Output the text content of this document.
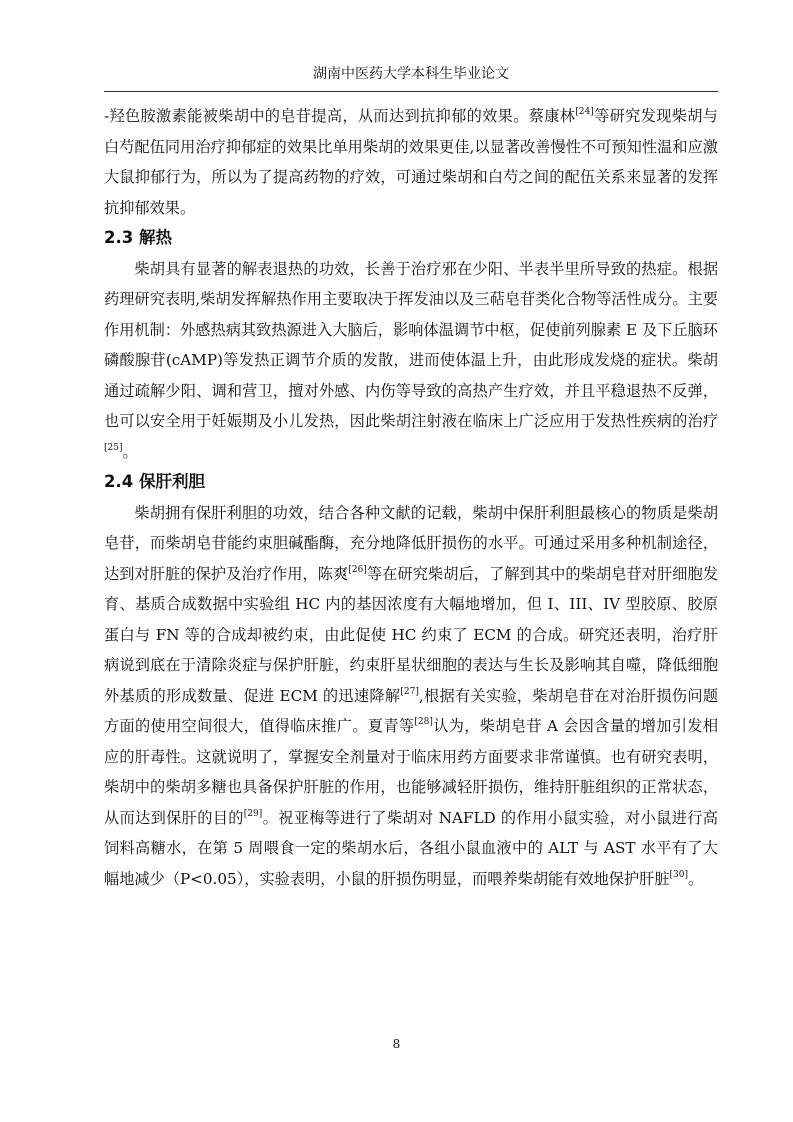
湖南中医药大学本科生毕业论文

-羟色胺激素能被柴胡中的皂苷提高，从而达到抗抑郁的效果。蔡康林[24]等研究发现柴胡与白芍配伍同用治疗抑郁症的效果比单用柴胡的效果更佳,以显著改善慢性不可预知性温和应激大鼠抑郁行为，所以为了提高药物的疗效，可通过柴胡和白芍之间的配伍关系来显著的发挥抗抑郁效果。

2.3 解热

柴胡具有显著的解表退热的功效，长善于治疗邪在少阳、半表半里所导致的热症。根据药理研究表明,柴胡发挥解热作用主要取决于挥发油以及三萜皂苷类化合物等活性成分。主要作用机制：外感热病其致热源进入大脑后，影响体温调节中枢，促使前列腺素 E 及下丘脑环磷酸腺苷(cAMP)等发热正调节介质的发散，进而使体温上升，由此形成发烧的症状。柴胡通过疏解少阳、调和营卫，擅对外感、内伤等导致的高热产生疗效，并且平稳退热不反弹，也可以安全用于妊娠期及小儿发热，因此柴胡注射液在临床上广泛应用于发热性疾病的治疗[25]。

2.4 保肝利胆

柴胡拥有保肝利胆的功效，结合各种文献的记载，柴胡中保肝利胆最核心的物质是柴胡皂苷，而柴胡皂苷能约束胆碱酯酶，充分地降低肝损伤的水平。可通过采用多种机制途径，达到对肝脏的保护及治疗作用，陈爽[26]等在研究柴胡后，了解到其中的柴胡皂苷对肝细胞发育、基质合成数据中实验组 HC 内的基因浓度有大幅地增加，但 I、III、IV 型胶原、胶原蛋白与 FN 等的合成却被约束，由此促使 HC 约束了 ECM 的合成。研究还表明，治疗肝病说到底在于清除炎症与保护肝脏，约束肝星状细胞的表达与生长及影响其自噬，降低细胞外基质的形成数量、促进 ECM 的迅速降解[27],根据有关实验，柴胡皂苷在对治肝损伤问题方面的使用空间很大，值得临床推广。夏青等[28]认为，柴胡皂苷 A 会因含量的增加引发相应的肝毒性。这就说明了，掌握安全剂量对于临床用药方面要求非常谨慎。也有研究表明，柴胡中的柴胡多糖也具备保护肝脏的作用，也能够减轻肝损伤，维持肝脏组织的正常状态，从而达到保肝的目的[29]。祝亚梅等进行了柴胡对 NAFLD 的作用小鼠实验，对小鼠进行高饲料高糖水，在第 5 周喂食一定的柴胡水后，各组小鼠血液中的 ALT 与 AST 水平有了大幅地减少（P<0.05），实验表明，小鼠的肝损伤明显，而喂养柴胡能有效地保护肝脏[30]。

8
